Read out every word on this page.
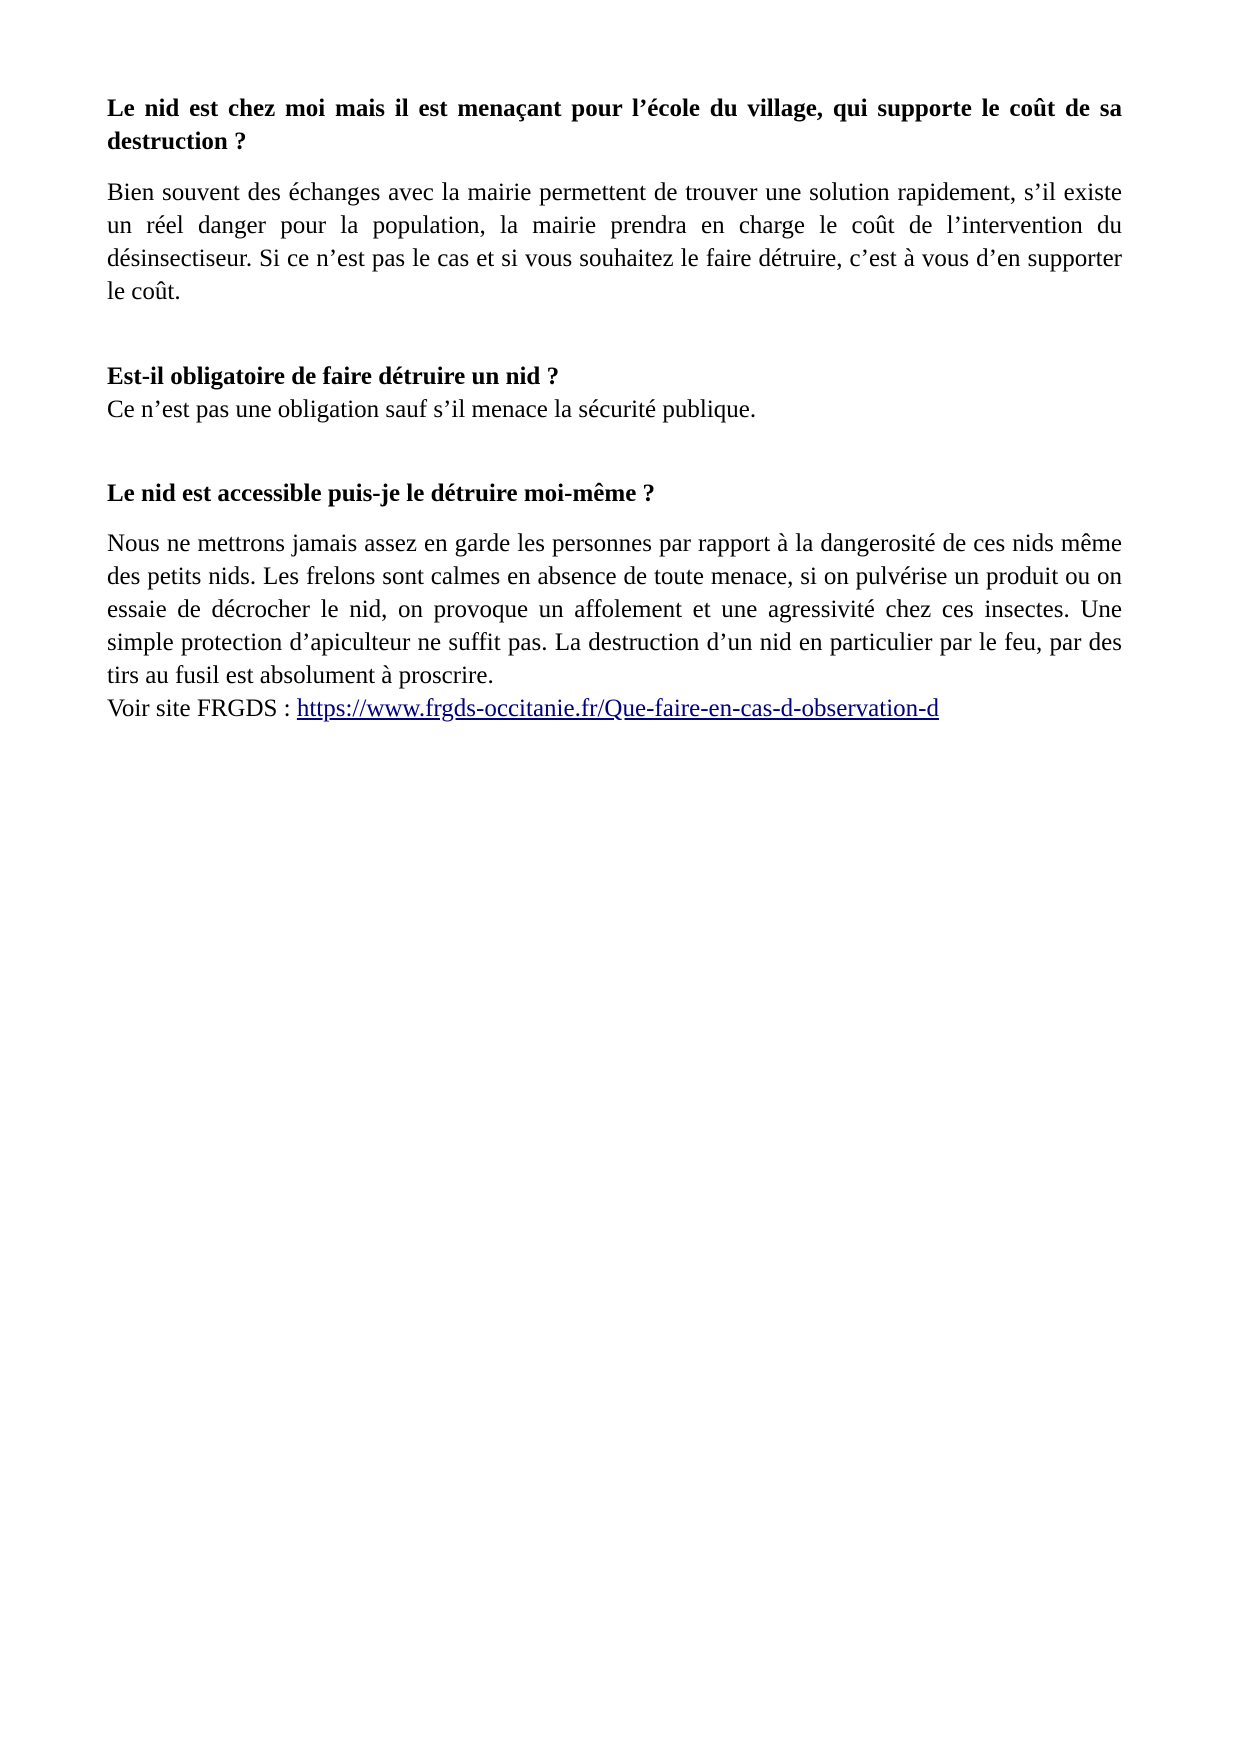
Le nid est chez moi mais il est menaçant pour l’école du village, qui supporte le coût de sa destruction ?

Bien souvent des échanges avec la mairie permettent de trouver une solution rapidement, s’il existe un réel danger pour la population, la mairie prendra en charge le coût de l’intervention du désinsectiseur. Si ce n’est pas le cas et si vous souhaitez le faire détruire, c’est à vous d’en supporter le coût.

Est-il obligatoire de faire détruire un nid ?

Ce n’est pas une obligation sauf s’il menace la sécurité publique.

Le nid est accessible puis-je le détruire moi-même ?

Nous ne mettrons jamais assez en garde les personnes par rapport à la dangerosité de ces nids même des petits nids. Les frelons sont calmes en absence de toute menace, si on pulvérise un produit ou on essaie de décrocher le nid, on provoque un affolement et une agressivité chez ces insectes. Une simple protection d’apiculteur ne suffit pas. La destruction d’un nid en particulier par le feu, par des tirs au fusil est absolument à proscrire.

Voir site FRGDS : https://www.frgds-occitanie.fr/Que-faire-en-cas-d-observation-d
